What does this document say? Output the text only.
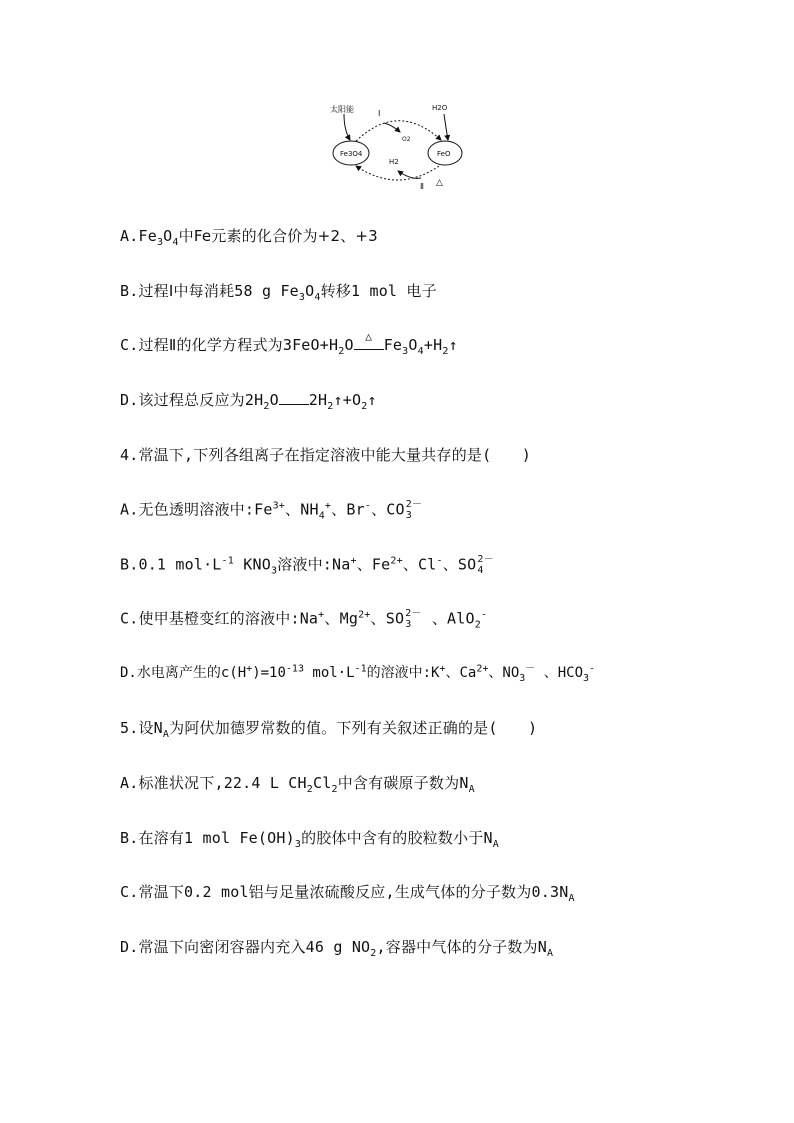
太阳能	Ⅰ
O2
H2O
Fe3O4	FeO
H2
Ⅱ △
$A.Fe_3O_4$中Fe元素的化合价为+2、+3
B.过程Ⅰ中每消耗58 g $Fe_3O_4$转移1 mol 电子
C.过程Ⅱ的化学方程式为$3FeO+H_2O$	△ $Fe_3O_4+H_2↑$
D.该过程总反应为$2H_2O$ $2H_2↑+O_2↑$
4.常温下,下列各组离子在指定溶液中能大量共存的是(　　)
A.无色透明溶液中$:Fe^{3+}$、$NH_4^+$、Br-、CO 2－
3
B.0.1 $mol\cdot L^{-1}$ $KNO_3$溶液中:Na+、$Fe^{2+}$、Cl-、SO 2－
4
C.使甲基橙变红的溶液中:Na+、$Mg^{2+}$、SO 2－
3 、AlO$_2$-
D.水电离产生的$c(H^+)=10^{-13}$ $mol\cdot L^{-1}$的溶液中:K+、$Ca^{2+}$、$NO_3^-$ 、$HCO_3^-$
5.设$N_A$为阿伏加德罗常数的值。下列有关叙述正确的是(　　)
A.标准状况下,22.4 L $CH_2Cl_2$中含有碳原子数为$N_A$
B.在溶有1 mol $Fe(OH)_3$的胶体中含有的胶粒数小于$N_A$
C.常温下0.2 mol铝与足量浓硫酸反应,生成气体的分子数为$0.3N_A$
D.常温下向密闭容器内充入46 g $NO_2$,容器中气体的分子数为$N_A$
